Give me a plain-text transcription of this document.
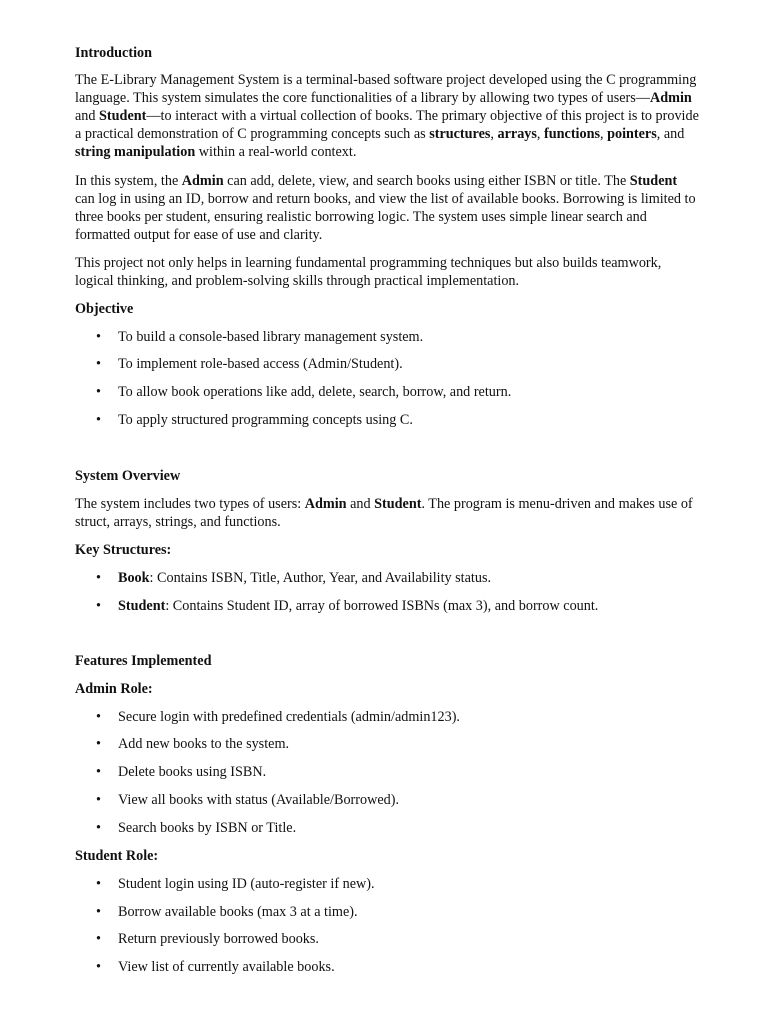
Introduction

The E-Library Management System is a terminal-based software project developed using the C programming language. This system simulates the core functionalities of a library by allowing two types of users—Admin and Student—to interact with a virtual collection of books. The primary objective of this project is to provide a practical demonstration of C programming concepts such as structures, arrays, functions, pointers, and string manipulation within a real-world context.

In this system, the Admin can add, delete, view, and search books using either ISBN or title. The Student can log in using an ID, borrow and return books, and view the list of available books. Borrowing is limited to three books per student, ensuring realistic borrowing logic. The system uses simple linear search and formatted output for ease of use and clarity.

This project not only helps in learning fundamental programming techniques but also builds teamwork, logical thinking, and problem-solving skills through practical implementation.

Objective
• To build a console-based library management system.
• To implement role-based access (Admin/Student).
• To allow book operations like add, delete, search, borrow, and return.
• To apply structured programming concepts using C.
System Overview

The system includes two types of users: Admin and Student. The program is menu-driven and makes use of struct, arrays, strings, and functions.

Key Structures:
• Book: Contains ISBN, Title, Author, Year, and Availability status.
• Student: Contains Student ID, array of borrowed ISBNs (max 3), and borrow count.
Features Implemented
Admin Role:
• Secure login with predefined credentials (admin/admin123).
• Add new books to the system.
• Delete books using ISBN.
• View all books with status (Available/Borrowed).
• Search books by ISBN or Title.
Student Role:
• Student login using ID (auto-register if new).
• Borrow available books (max 3 at a time).
• Return previously borrowed books.
• View list of currently available books.
